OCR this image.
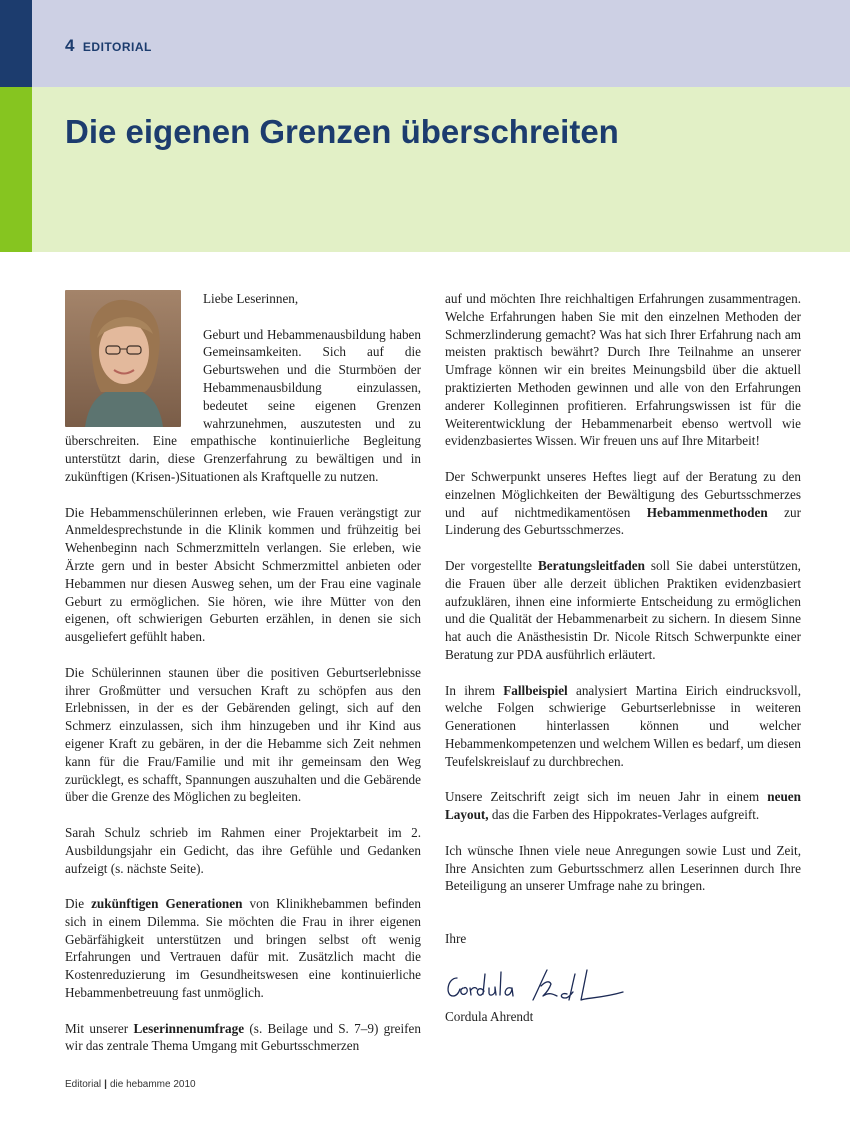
4 EDITORIAL
Die eigenen Grenzen überschreiten

Liebe Leserinnen,

Geburt und Hebammenausbildung haben Gemeinsamkeiten. Sich auf die Geburtswehen und die Sturmböen der Hebammenausbildung einzulassen, bedeutet seine eigenen Grenzen wahrzunehmen, auszutesten und zu überschreiten. Eine empathische kontinuierliche Begleitung unterstützt darin, diese Grenzerfahrung zu bewältigen und in zukünftigen (Krisen-)Situationen als Kraftquelle zu nutzen.

Die Hebammenschülerinnen erleben, wie Frauen verängstigt zur Anmeldesprechstunde in die Klinik kommen und frühzeitig bei Wehenbeginn nach Schmerzmitteln verlangen. Sie erleben, wie Ärzte gern und in bester Absicht Schmerzmittel anbieten oder Hebammen nur diesen Ausweg sehen, um der Frau eine vaginale Geburt zu ermöglichen. Sie hören, wie ihre Mütter von den eigenen, oft schwierigen Geburten erzählen, in denen sie sich ausgeliefert gefühlt haben.

Die Schülerinnen staunen über die positiven Geburtserlebnisse ihrer Großmütter und versuchen Kraft zu schöpfen aus den Erlebnissen, in der es der Gebärenden gelingt, sich auf den Schmerz einzulassen, sich ihm hinzugeben und ihr Kind aus eigener Kraft zu gebären, in der die Hebamme sich Zeit nehmen kann für die Frau/Familie und mit ihr gemeinsam den Weg zurücklegt, es schafft, Spannungen auszuhalten und die Gebärende über die Grenze des Möglichen zu begleiten.

Sarah Schulz schrieb im Rahmen einer Projektarbeit im 2. Ausbildungsjahr ein Gedicht, das ihre Gefühle und Gedanken aufzeigt (s. nächste Seite).

Die zukünftigen Generationen von Klinikhebammen befinden sich in einem Dilemma. Sie möchten die Frau in ihrer eigenen Gebärfähigkeit unterstützen und bringen selbst oft wenig Erfahrungen und Vertrauen dafür mit. Zusätzlich macht die Kostenreduzierung im Gesundheitswesen eine kontinuierliche Hebammenbetreuung fast unmöglich.

Mit unserer Leserinnenumfrage (s. Beilage und S. 7–9) greifen wir das zentrale Thema Umgang mit Geburtsschmerzen

auf und möchten Ihre reichhaltigen Erfahrungen zusammentragen. Welche Erfahrungen haben Sie mit den einzelnen Methoden der Schmerzlinderung gemacht? Was hat sich Ihrer Erfahrung nach am meisten praktisch bewährt? Durch Ihre Teilnahme an unserer Umfrage können wir ein breites Meinungsbild über die aktuell praktizierten Methoden gewinnen und alle von den Erfahrungen anderer Kolleginnen profitieren. Erfahrungswissen ist für die Weiterentwicklung der Hebammenarbeit ebenso wertvoll wie evidenzbasiertes Wissen. Wir freuen uns auf Ihre Mitarbeit!

Der Schwerpunkt unseres Heftes liegt auf der Beratung zu den einzelnen Möglichkeiten der Bewältigung des Geburtsschmerzes und auf nichtmedikamentösen Hebammenmethoden zur Linderung des Geburtsschmerzes.

Der vorgestellte Beratungsleitfaden soll Sie dabei unterstützen, die Frauen über alle derzeit üblichen Praktiken evidenzbasiert aufzuklären, ihnen eine informierte Entscheidung zu ermöglichen und die Qualität der Hebammenarbeit zu sichern. In diesem Sinne hat auch die Anästhesistin Dr. Nicole Ritsch Schwerpunkte einer Beratung zur PDA ausführlich erläutert.

In ihrem Fallbeispiel analysiert Martina Eirich eindrucksvoll, welche Folgen schwierige Geburtserlebnisse in weiteren Generationen hinterlassen können und welcher Hebammenkompetenzen und welchem Willen es bedarf, um diesen Teufelskreislauf zu durchbrechen.

Unsere Zeitschrift zeigt sich im neuen Jahr in einem neuen Layout, das die Farben des Hippokrates-Verlages aufgreift.

Ich wünsche Ihnen viele neue Anregungen sowie Lust und Zeit, Ihre Ansichten zum Geburtsschmerz allen Leserinnen durch Ihre Beteiligung an unserer Umfrage nahe zu bringen.

Ihre

Cordula Ahrendt

Editorial | die hebamme 2010
